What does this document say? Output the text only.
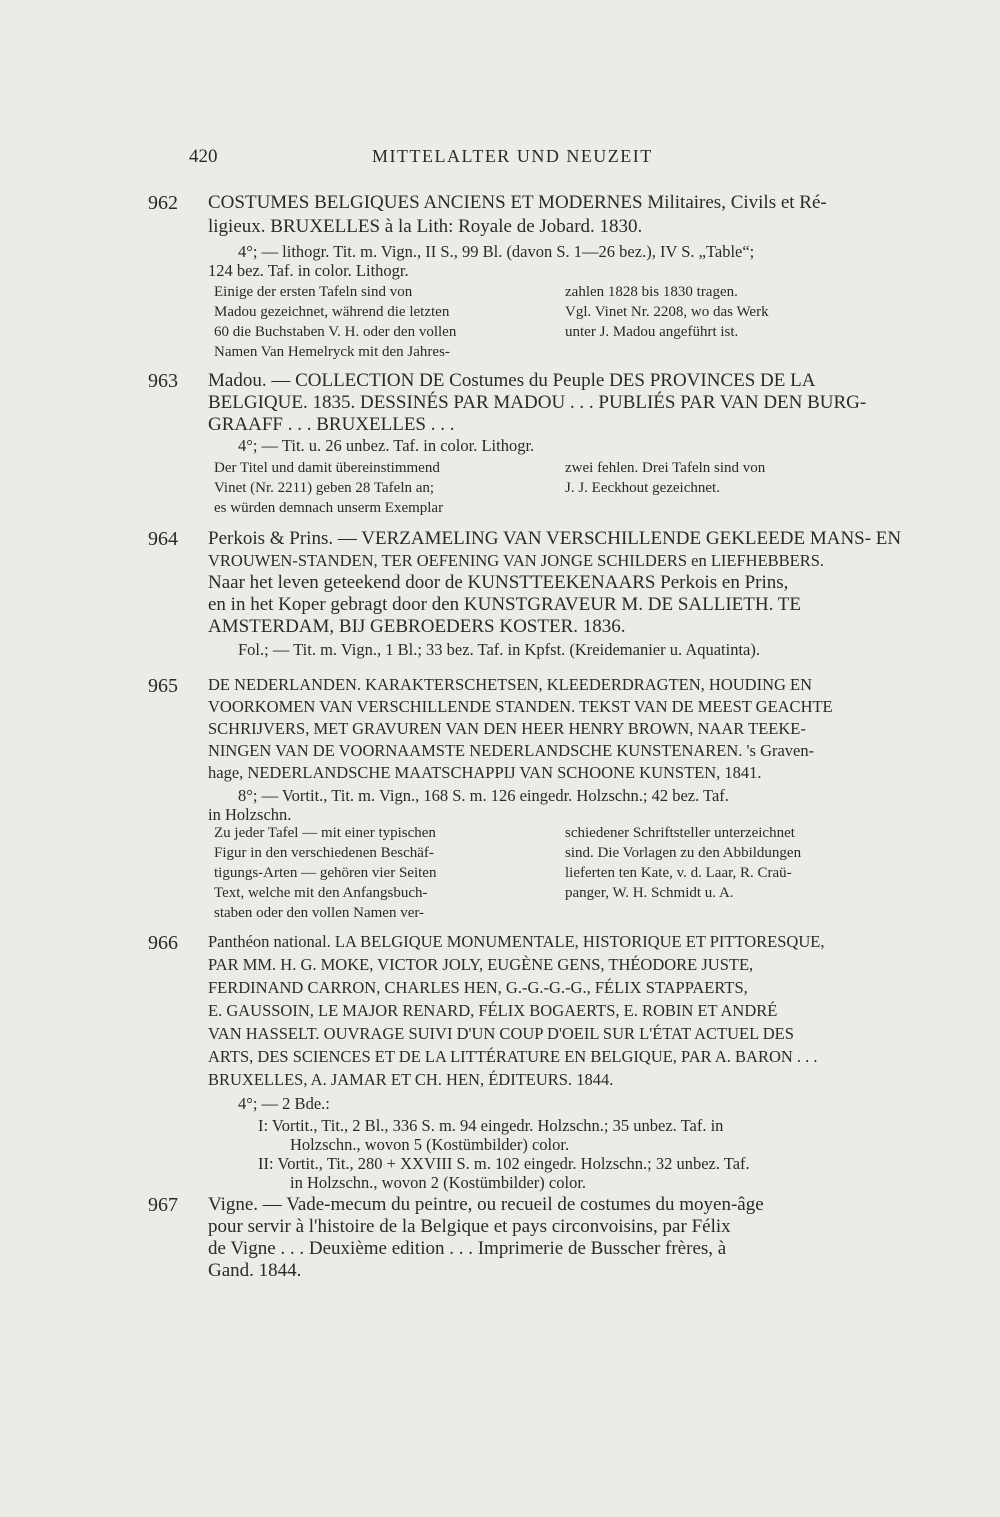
420	MITTELALTER UND NEUZEIT
962 COSTUMES BELGIQUES ANCIENS ET MODERNES Militaires, Civils et Ré-
ligieux. BRUXELLES à la Lith: Royale de Jobard. 1830.
4°; — lithogr. Tit. m. Vign., II S., 99 Bl. (davon S. 1—26 bez.), IV S. „Table“;
124 bez. Taf. in color. Lithogr.

Einige der ersten Tafeln sind von

Madou gezeichnet, während die letzten

60 die Buchstaben V. H. oder den vollen

Namen Van Hemelryck mit den Jahres-

zahlen 1828 bis 1830 tragen.

Vgl. Vinet Nr. 2208, wo das Werk

unter J. Madou angeführt ist.

963 Madou. — COLLECTION DE Costumes du Peuple DES PROVINCES DE LA
BELGIQUE. 1835. DESSINÉS PAR MADOU . . . PUBLIÉS PAR VAN DEN BURG-
GRAAFF . . . BRUXELLES . . .
4°; — Tit. u. 26 unbez. Taf. in color. Lithogr.

Der Titel und damit übereinstimmend

Vinet (Nr. 2211) geben 28 Tafeln an;

es würden demnach unserm Exemplar

zwei fehlen. Drei Tafeln sind von

J. J. Eeckhout gezeichnet.

964 Perkois & Prins. — VERZAMELING VAN VERSCHILLENDE GEKLEEDE MANS- EN
VROUWEN-STANDEN, TER OEFENING VAN JONGE SCHILDERS en LIEFHEBBERS.
Naar het leven geteekend door de KUNSTTEEKENAARS Perkois en Prins,
en in het Koper gebragt door den KUNSTGRAVEUR M. DE SALLIETH. TE
AMSTERDAM, BIJ GEBROEDERS KOSTER. 1836.
Fol.; — Tit. m. Vign., 1 Bl.; 33 bez. Taf. in Kpfst. (Kreidemanier u. Aquatinta).
965 DE NEDERLANDEN. KARAKTERSCHETSEN, KLEEDERDRAGTEN, HOUDING EN
VOORKOMEN VAN VERSCHILLENDE STANDEN. TEKST VAN DE MEEST GEACHTE
SCHRIJVERS, MET GRAVUREN VAN DEN HEER HENRY BROWN, NAAR TEEKE-
NINGEN VAN DE VOORNAAMSTE NEDERLANDSCHE KUNSTENAREN. 's Graven-
hage, NEDERLANDSCHE MAATSCHAPPIJ VAN SCHOONE KUNSTEN, 1841.
8°; — Vortit., Tit. m. Vign., 168 S. m. 126 eingedr. Holzschn.; 42 bez. Taf.
in Holzschn.

Zu jeder Tafel — mit einer typischen

Figur in den verschiedenen Beschäf-

tigungs-Arten — gehören vier Seiten

Text, welche mit den Anfangsbuch-

staben oder den vollen Namen ver-

schiedener Schriftsteller unterzeichnet

sind. Die Vorlagen zu den Abbildungen

lieferten ten Kate, v. d. Laar, R. Craü-

panger, W. H. Schmidt u. A.

966 Panthéon national. LA BELGIQUE MONUMENTALE, HISTORIQUE ET PITTORESQUE,
PAR MM. H. G. MOKE, VICTOR JOLY, EUGÈNE GENS, THÉODORE JUSTE,
FERDINAND CARRON, CHARLES HEN, G.-G.-G.-G., FÉLIX STAPPAERTS,
E. GAUSSOIN, LE MAJOR RENARD, FÉLIX BOGAERTS, E. ROBIN ET ANDRÉ
VAN HASSELT. OUVRAGE SUIVI D'UN COUP D'OEIL SUR L'ÉTAT ACTUEL DES
ARTS, DES SCIENCES ET DE LA LITTÉRATURE EN BELGIQUE, PAR A. BARON . . .
BRUXELLES, A. JAMAR ET CH. HEN, ÉDITEURS. 1844.
4°; — 2 Bde.:
I: Vortit., Tit., 2 Bl., 336 S. m. 94 eingedr. Holzschn.; 35 unbez. Taf. in
Holzschn., wovon 5 (Kostümbilder) color.
II: Vortit., Tit., 280 + XXVIII S. m. 102 eingedr. Holzschn.; 32 unbez. Taf.
in Holzschn., wovon 2 (Kostümbilder) color.
967 Vigne. — Vade-mecum du peintre, ou recueil de costumes du moyen-âge
pour servir à l'histoire de la Belgique et pays circonvoisins, par Félix
de Vigne . . . Deuxième edition . . . Imprimerie de Busscher frères, à
Gand. 1844.
